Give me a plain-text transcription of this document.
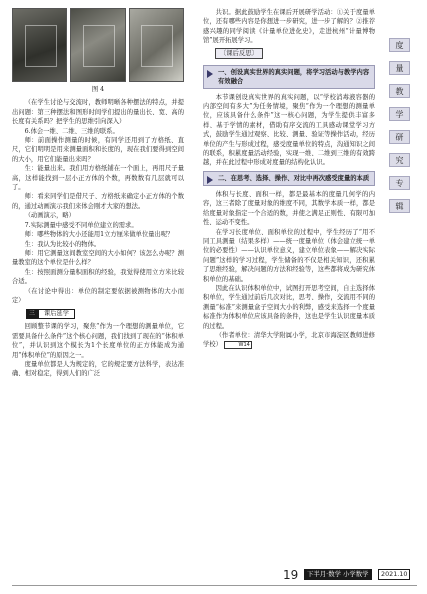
图 4

（在学生讨论与交流时，教师明晰各种摆法的特点，并提出问题：第三种摆法和图形时间学们提出的量出长、宽、高的长度有关系吗？把学生的思维引向深入）

6.体会一维、二维、三维的联系。

师：前面操作测量的时候，有同学还用到了方格纸、直尺，它们明明是用来测量面积和长度的，现在我们要得到空间的大小，用它们能量出来吗？

生：能量出来。我们用方格纸铺在一个面上，再用尺子量高，这样能找到一层小正方体的个数，再数数有几层就可以了。

师：看来同学们是借尺子、方格纸来确定小正方体的个数的，通过动画演示我们来体会刚才大家的想法。

（动画演示，略）

7.实际测量中感受不同单位建立的需求。

师：哪些物体的大小还能用1立方厘米做单位量出呢？

生：我认为比较小的物体。

师：用它测量这间教室空间的大小如何？该怎么办呢？测量教室的这个单位是什么样？

生：按照面测分量积面积的经验，我觉得使用立方米比较合适。

（在讨论中得出：单位的制定要依据被测物体的大小而定）

三	课后延学

回顾整节课的学习，聚焦“作为一个理想的测量单位，它需要具备什么条件”这个核心问题，我们找到了现在的“体积单位”，并认识到这个模长为1个长度单位的正方体能成为通用“体积单位”的原因之一。

度量单位都是人为规定的，它的规定要方法科学，表达准确、相对稳定，得到人们的广泛

共识。据此鼓励学生在课后开展研学活动：①关于度量单位，还有哪些内容是你想进一步研究，进一步了解的？②推荐感兴趣的同学阅读《计量单位进化史》，走进杭州“计量博物馆”展开拓展学习。

〔课后反思〕
一、创设真实世界的真实问题，将学习活动与教学内容有效融合

本节课创设真实世界的真实问题，以“学校消毒液容器的内部空间有多大”为任务情境，聚焦“作为一个理想的测量单位，应该具备什么条件”这一核心问题，为学生提供丰富多样、基于学情的素材，借助有序交流的工具感动课堂学习方式，鼓励学生通过观察、比较、测量、验证等操作活动，经历单位的产生与形成过程，感受度量单位的特点，沟通知识之间的联系，积累度量活动经验，实现一维、二维到三维的有效跨越，并在此过程中形成对度量的结构化认识。

二、在思考、选择、操作、对比中再次感受度量的本质

体积与长度、面积一样，都是最基本的度量几何学的内容，这三者除了度量对象的维度不同，其数学本质一样，都是给度量对象指定一个合适的数，并使之满足正则性、有限可加性、运动不变性。

在学习长度单位、面积单位的过程中，学生经历了“用不同工具测量（结果多样）——统一度量单位（体会建立统一单位的必要性）——认识单位意义，建立单位表象——解决实际问题”这样的学习过程，学生储备的不仅是相关知识，还积累了思维经验，解决问题的方法和经验等，这些都将成为研究体积单位的基础。

因此在认识体积单位中，试图打开思考空间，自主选择体积单位，学生通过前后几次对比，思考、操作，交流用不同的测量“标准”来测量盒子空间大小的利弊，感受来选择一个度量标准作为体积单位应该具备的条件，这也是学生认识度量本质的过程。

（作者单位：清华大学附属小学，北京市海淀区教师进修学校）	W14

度
量
教
学
研
究
专
辑
19	下半月·数学 小学数学	2021.10
